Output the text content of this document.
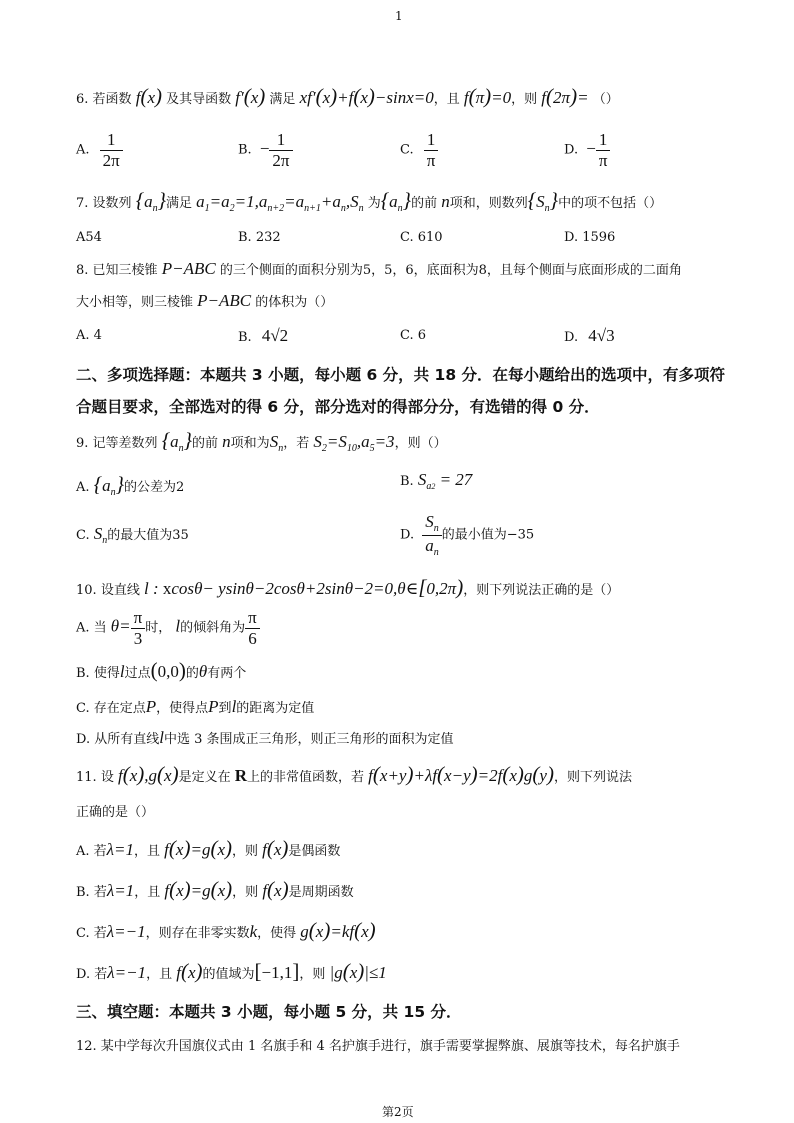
1
第2页
6. 若函数 f(x) 及其导函数 f′(x) 满足 xf′(x)+f(x)−sinx=0，且 f(π)=0，则 f(2π)= （）
A. $\frac{1}{2\pi}$	B. − $\frac{1}{2\pi}$	C. $\frac{1}{\pi}$	D. − $\frac{1}{\pi}$
7. 设数列 $\{a_n\}$满足 $a_1=a_2=1,a_{n+2}=a_{n+1}+a_n,S_n$ 为$\{a_n\}$的前 n项和，则数列$\{S_n\}$中的项不包括（）
A54	B. 232	C. 610	D. 1596
8. 已知三棱锥 P−ABC 的三个侧面的面积分别为5，5，6，底面积为8，且每个侧面与底面形成的二面角
大小相等，则三棱锥 P−ABC 的体积为（）
A. 4	B. 4√2	C. 6	D. 4√3
二、多项选择题：本题共 3 小题，每小题 6 分，共 18 分．在每小题给出的选项中，有多项符
合题目要求，全部选对的得 6 分，部分选对的得部分分，有选错的得 0 分．
9. 记等差数列 $\{a_n\}$的前 n项和为$S_n$，若 $S_2=S_{10},a_5=3$，则（）
A. $\{a_n\}$的公差为2	B. $S_{a2} = 27$
C. $S_n$的最大值为35	D. $\frac{S_n}{a_n}$ 的最小值为−35
10. 设直线 l : xcosθ− ysinθ−2cosθ+2sinθ−2=0,θ∈[0,2π)，则下列说法正确的是（）
A. 当 $\theta= \frac{\pi}{3}$ 时， l的倾斜角为 $\frac{\pi}{6}$
B. 使得l过点(0,0)的θ有两个
C. 存在定点P，使得点P到l的距离为定值
D. 从所有直线l中选 3 条围成正三角形，则正三角形的面积为定值
11. 设 f(x),g(x)是定义在 R上的非常值函数，若 f(x+y)+λf(x−y)=2f(x)g(y)，则下列说法
正确的是（）
A. 若λ=1，且 f(x)=g(x)，则 f(x)是偶函数
B. 若λ=1，且 f(x)=g(x)，则 f(x)是周期函数
C. 若λ=−1，则存在非零实数k，使得 g(x)=kf(x)
D. 若λ=−1，且 f(x)的值域为[−1,1]，则 |g(x)|≤1
三、填空题：本题共 3 小题，每小题 5 分，共 15 分．
12. 某中学每次升国旗仪式由 1 名旗手和 4 名护旗手进行，旗手需要掌握弊旗、展旗等技术，每名护旗手
